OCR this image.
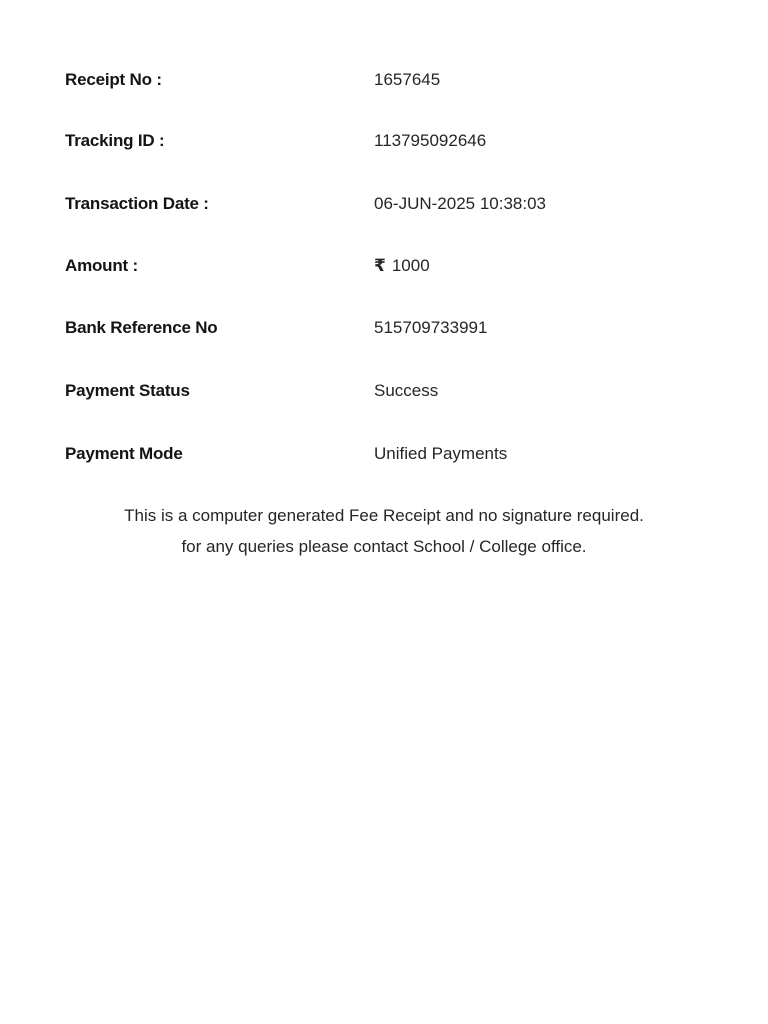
Receipt No :	1657645
Tracking ID :	113795092646
Transaction Date :	06-JUN-2025 10:38:03
Amount :	₹ 1000
Bank Reference No	515709733991
Payment Status	Success
Payment Mode	Unified Payments
This is a computer generated Fee Receipt and no signature required.
for any queries please contact School / College office.
